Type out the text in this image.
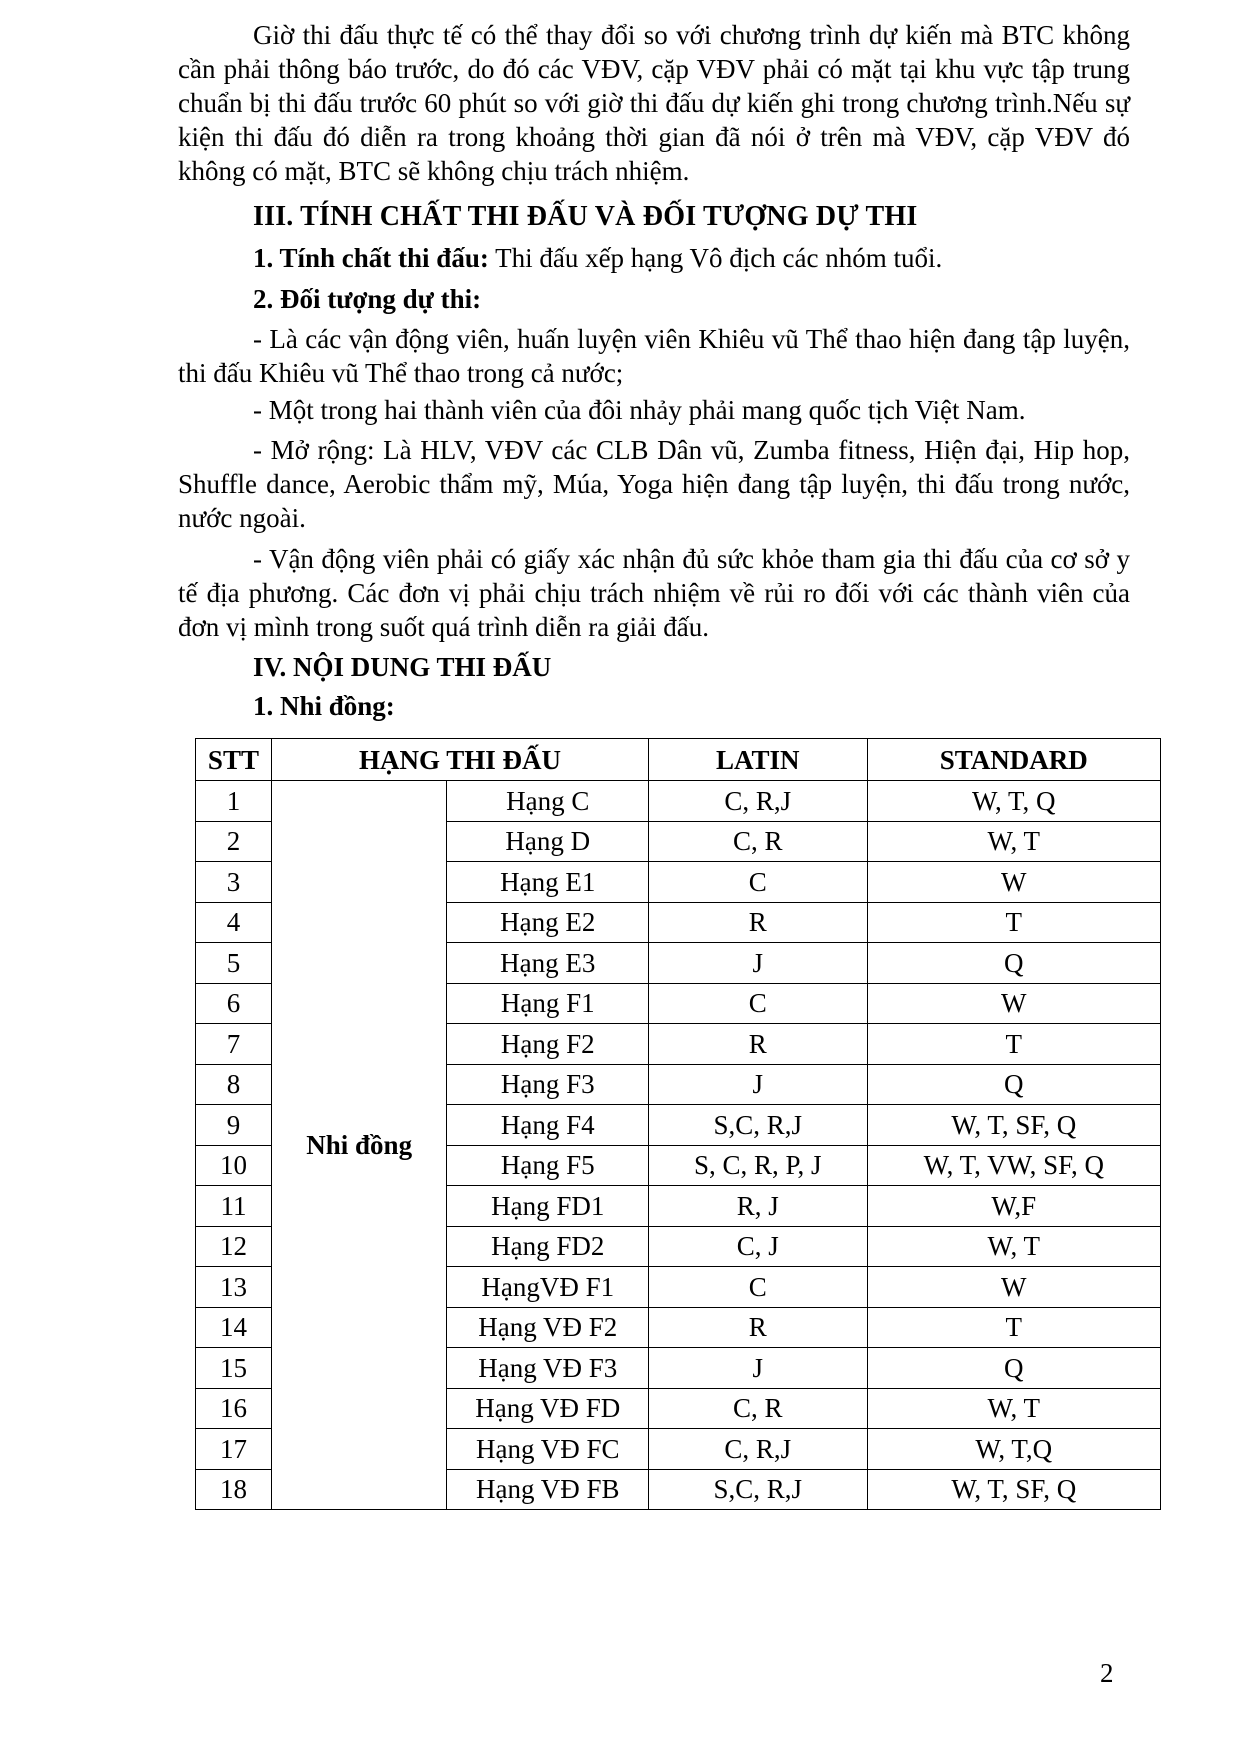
Giờ thi đấu thực tế có thể thay đổi so với chương trình dự kiến mà BTC không cần phải thông báo trước, do đó các VĐV, cặp VĐV phải có mặt tại khu vực tập trung chuẩn bị thi đấu trước 60 phút so với giờ thi đấu dự kiến ghi trong chương trình.Nếu sự kiện thi đấu đó diễn ra trong khoảng thời gian đã nói ở trên mà VĐV, cặp VĐV đó không có mặt, BTC sẽ không chịu trách nhiệm.
III. TÍNH CHẤT THI ĐẤU VÀ ĐỐI TƯỢNG DỰ THI
1. Tính chất thi đấu: Thi đấu xếp hạng Vô địch các nhóm tuổi.
2. Đối tượng dự thi:
- Là các vận động viên, huấn luyện viên Khiêu vũ Thể thao hiện đang tập luyện, thi đấu Khiêu vũ Thể thao trong cả nước;
- Một trong hai thành viên của đôi nhảy phải mang quốc tịch Việt Nam.
- Mở rộng: Là HLV, VĐV các CLB Dân vũ, Zumba fitness, Hiện đại, Hip hop, Shuffle dance, Aerobic thẩm mỹ, Múa, Yoga hiện đang tập luyện, thi đấu trong nước, nước ngoài.
- Vận động viên phải có giấy xác nhận đủ sức khỏe tham gia thi đấu của cơ sở y tế địa phương. Các đơn vị phải chịu trách nhiệm về rủi ro đối với các thành viên của đơn vị mình trong suốt quá trình diễn ra giải đấu.
IV. NỘI DUNG THI ĐẤU
1. Nhi đồng:
STT	HẠNG THI ĐẤU		LATIN	STANDARD
1	Nhi đồng	Hạng C	C, R,J	W, T, Q
2		Hạng D	C, R	W, T
3		Hạng E1	C	W
4		Hạng E2	R	T
5		Hạng E3	J	Q
6		Hạng F1	C	W
7		Hạng F2	R	T
8		Hạng F3	J	Q
9		Hạng F4	S,C, R,J	W, T, SF, Q
10		Hạng F5	S, C, R, P, J	W, T, VW, SF, Q
11		Hạng FD1	R, J	W,F
12		Hạng FD2	C, J	W, T
13		HạngVĐ F1	C	W
14		Hạng VĐ F2	R	T
15		Hạng VĐ F3	J	Q
16		Hạng VĐ FD	C, R	W, T
17		Hạng VĐ FC	C, R,J	W, T,Q
18		Hạng VĐ FB	S,C, R,J	W, T, SF, Q
2
